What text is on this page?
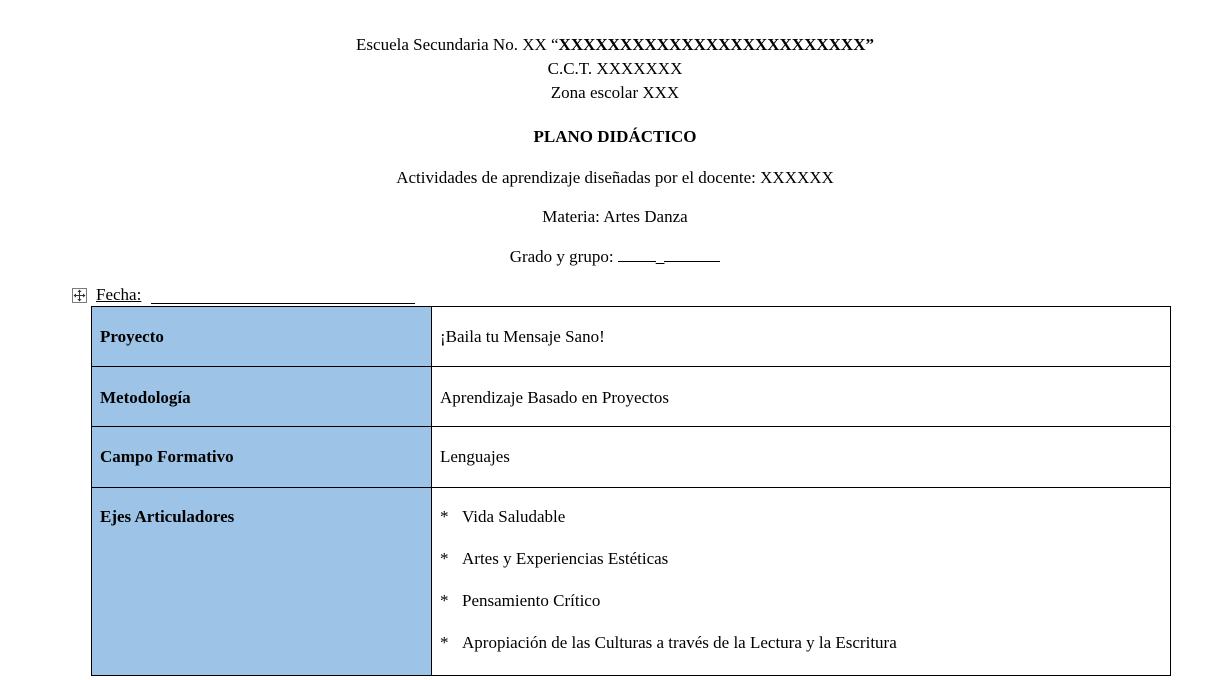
Escuela Secundaria No. XX “XXXXXXXXXXXXXXXXXXXXXXXXX”
C.C.T. XXXXXXX
Zona escolar XXX
PLANO DIDÁCTICO
Actividades de aprendizaje diseñadas por el docente: XXXXXX
Materia: Artes Danza
Grado y grupo: _
Fecha:
Proyecto	¡Baila tu Mensaje Sano!
Metodología	Aprendizaje Basado en Proyectos
Campo Formativo	Lenguajes
Ejes Articuladores	* Vida Saludable
* Artes y Experiencias Estéticas
* Pensamiento Crítico
* Apropiación de las Culturas a través de la Lectura y la Escritura
